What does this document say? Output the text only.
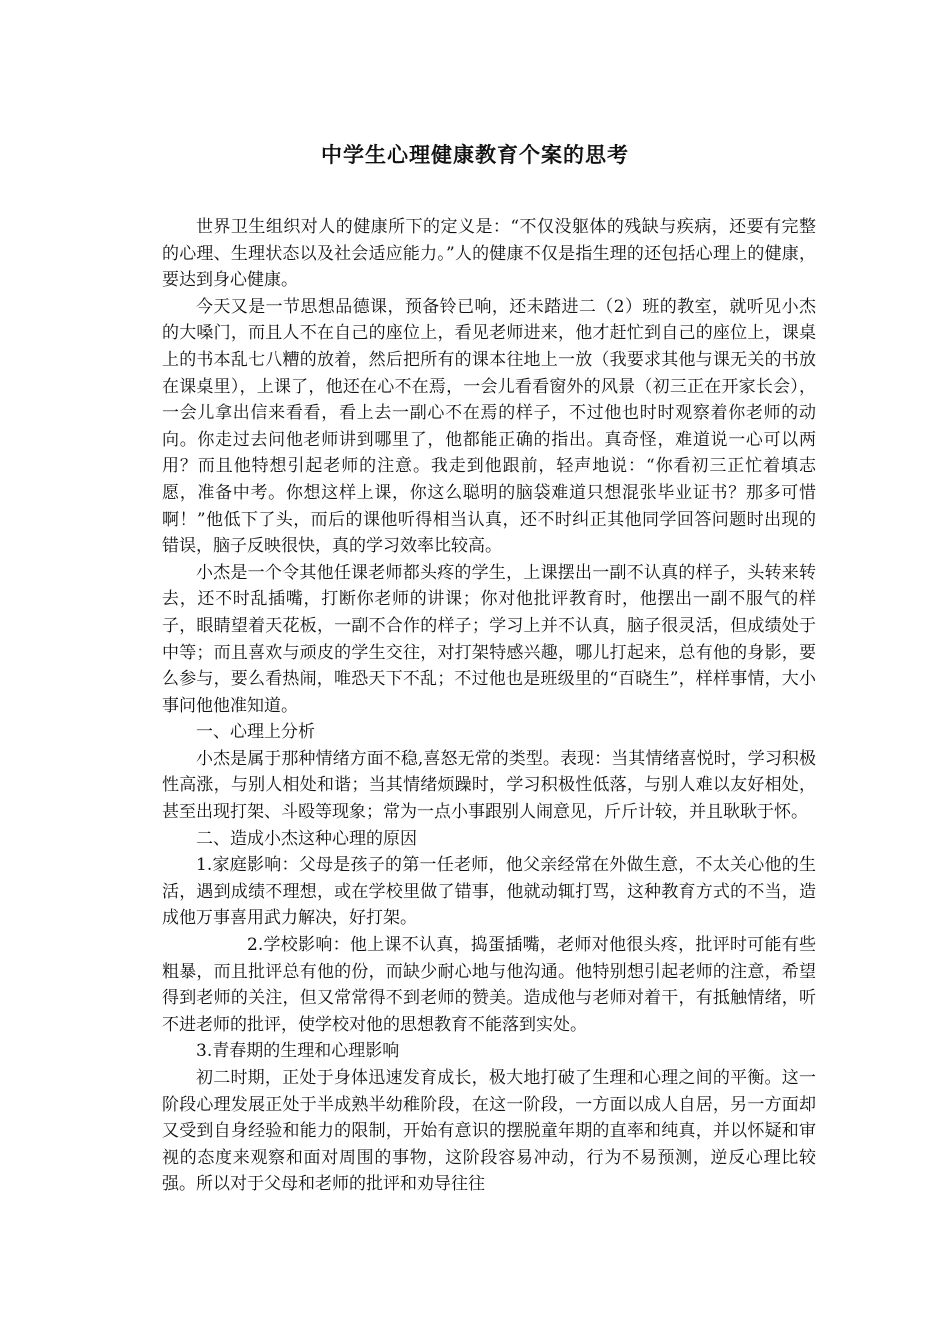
中学生心理健康教育个案的思考

世界卫生组织对人的健康所下的定义是：“不仅没躯体的残缺与疾病，还要有完整的心理、生理状态以及社会适应能力。”人的健康不仅是指生理的还包括心理上的健康，要达到身心健康。

今天又是一节思想品德课，预备铃已响，还未踏进二（2）班的教室，就听见小杰的大嗓门，而且人不在自己的座位上，看见老师进来，他才赶忙到自己的座位上，课桌上的书本乱七八糟的放着，然后把所有的课本往地上一放（我要求其他与课无关的书放在课桌里），上课了，他还在心不在焉，一会儿看看窗外的风景（初三正在开家长会），一会儿拿出信来看看，看上去一副心不在焉的样子，不过他也时时观察着你老师的动向。你走过去问他老师讲到哪里了，他都能正确的指出。真奇怪，难道说一心可以两用？而且他特想引起老师的注意。我走到他跟前，轻声地说：“你看初三正忙着填志愿，准备中考。你想这样上课，你这么聪明的脑袋难道只想混张毕业证书？那多可惜啊！”他低下了头，而后的课他听得相当认真，还不时纠正其他同学回答问题时出现的错误，脑子反映很快，真的学习效率比较高。

小杰是一个令其他任课老师都头疼的学生，上课摆出一副不认真的样子，头转来转去，还不时乱插嘴，打断你老师的讲课；你对他批评教育时，他摆出一副不服气的样子，眼睛望着天花板，一副不合作的样子；学习上并不认真，脑子很灵活，但成绩处于中等；而且喜欢与顽皮的学生交往，对打架特感兴趣，哪儿打起来，总有他的身影，要么参与，要么看热闹，唯恐天下不乱；不过他也是班级里的“百晓生”，样样事情，大小事问他他准知道。

一、心理上分析

小杰是属于那种情绪方面不稳,喜怒无常的类型。表现：当其情绪喜悦时，学习积极性高涨，与别人相处和谐；当其情绪烦躁时，学习积极性低落，与别人难以友好相处，甚至出现打架、斗殴等现象；常为一点小事跟别人闹意见，斤斤计较，并且耿耿于怀。

二、造成小杰这种心理的原因

1.家庭影响：父母是孩子的第一任老师，他父亲经常在外做生意，不太关心他的生活，遇到成绩不理想，或在学校里做了错事，他就动辄打骂，这种教育方式的不当，造成他万事喜用武力解决，好打架。

2.学校影响：他上课不认真，捣蛋插嘴，老师对他很头疼，批评时可能有些粗暴，而且批评总有他的份，而缺少耐心地与他沟通。他特别想引起老师的注意，希望得到老师的关注，但又常常得不到老师的赞美。造成他与老师对着干，有抵触情绪，听不进老师的批评，使学校对他的思想教育不能落到实处。

3.青春期的生理和心理影响

初二时期，正处于身体迅速发育成长，极大地打破了生理和心理之间的平衡。这一阶段心理发展正处于半成熟半幼稚阶段，在这一阶段，一方面以成人自居，另一方面却又受到自身经验和能力的限制，开始有意识的摆脱童年期的直率和纯真，并以怀疑和审视的态度来观察和面对周围的事物，这阶段容易冲动，行为不易预测，逆反心理比较强。所以对于父母和老师的批评和劝导往往
